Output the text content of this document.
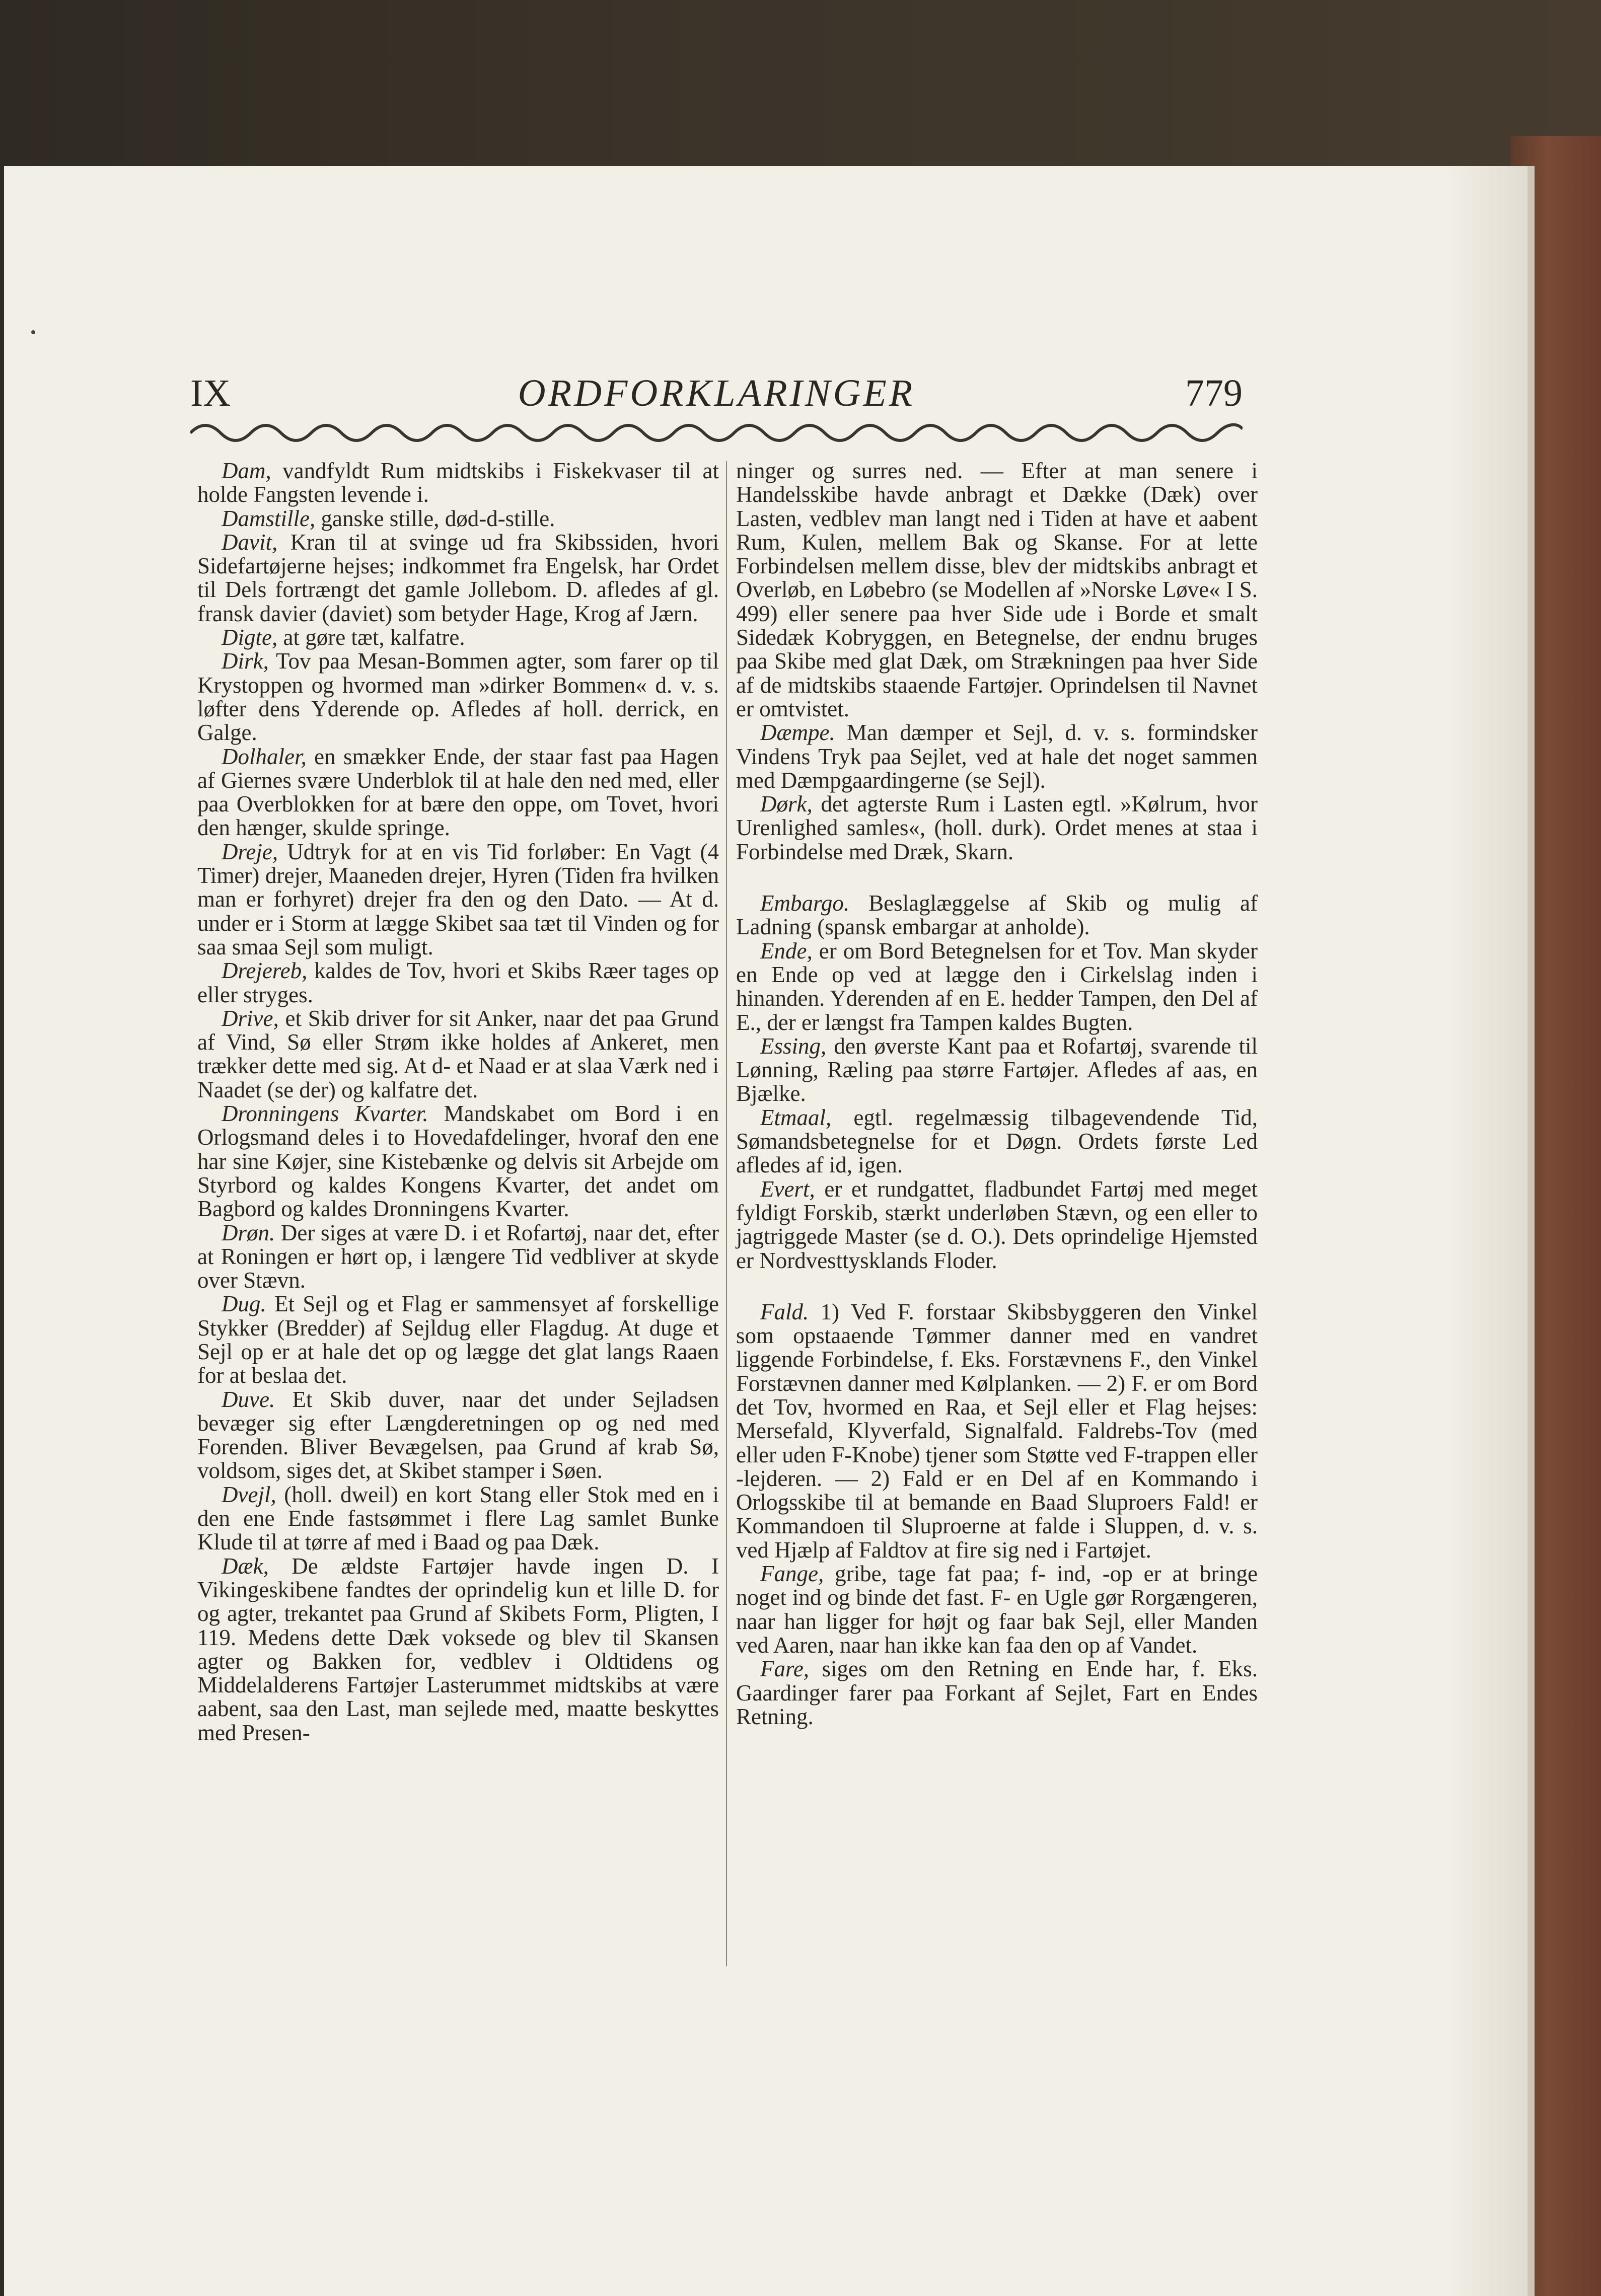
IX	ORDFORKLARINGER	779

Dam, vandfyldt Rum midtskibs i Fiskekvaser til at holde Fangsten levende i.

Damstille, ganske stille, død-d-stille.

Davit, Kran til at svinge ud fra Skibssiden, hvori Sidefartøjerne hejses; indkommet fra Engelsk, har Ordet til Dels fortrængt det gamle Jollebom. D. afledes af gl. fransk davier (daviet) som betyder Hage, Krog af Jærn.

Digte, at gøre tæt, kalfatre.

Dirk, Tov paa Mesan-Bommen agter, som farer op til Krystoppen og hvormed man »dirker Bommen« d. v. s. løfter dens Yderende op. Afledes af holl. derrick, en Galge.

Dolhaler, en smækker Ende, der staar fast paa Hagen af Giernes svære Underblok til at hale den ned med, eller paa Overblokken for at bære den oppe, om Tovet, hvori den hænger, skulde springe.

Dreje, Udtryk for at en vis Tid forløber: En Vagt (4 Timer) drejer, Maaneden drejer, Hyren (Tiden fra hvilken man er forhyret) drejer fra den og den Dato. — At d. under er i Storm at lægge Skibet saa tæt til Vinden og for saa smaa Sejl som muligt.

Drejereb, kaldes de Tov, hvori et Skibs Ræer tages op eller stryges.

Drive, et Skib driver for sit Anker, naar det paa Grund af Vind, Sø eller Strøm ikke holdes af Ankeret, men trækker dette med sig. At d- et Naad er at slaa Værk ned i Naadet (se der) og kalfatre det.

Dronningens Kvarter. Mandskabet om Bord i en Orlogsmand deles i to Hovedafdelinger, hvoraf den ene har sine Køjer, sine Kistebænke og delvis sit Arbejde om Styrbord og kaldes Kongens Kvarter, det andet om Bagbord og kaldes Dronningens Kvarter.

Drøn. Der siges at være D. i et Rofartøj, naar det, efter at Roningen er hørt op, i længere Tid vedbliver at skyde over Stævn.

Dug. Et Sejl og et Flag er sammensyet af forskellige Stykker (Bredder) af Sejldug eller Flagdug. At duge et Sejl op er at hale det op og lægge det glat langs Raaen for at beslaa det.

Duve. Et Skib duver, naar det under Sejladsen bevæger sig efter Længderetningen op og ned med Forenden. Bliver Bevægelsen, paa Grund af krab Sø, voldsom, siges det, at Skibet stamper i Søen.

Dvejl, (holl. dweil) en kort Stang eller Stok med en i den ene Ende fastsømmet i flere Lag samlet Bunke Klude til at tørre af med i Baad og paa Dæk.

Dæk, De ældste Fartøjer havde ingen D. I Vikingeskibene fandtes der oprindelig kun et lille D. for og agter, trekantet paa Grund af Skibets Form, Pligten, I 119. Medens dette Dæk voksede og blev til Skansen agter og Bakken for, vedblev i Oldtidens og Middelalderens Fartøjer Lasterummet midtskibs at være aabent, saa den Last, man sejlede med, maatte beskyttes med Presen-

ninger og surres ned. — Efter at man senere i Handelsskibe havde anbragt et Dække (Dæk) over Lasten, vedblev man langt ned i Tiden at have et aabent Rum, Kulen, mellem Bak og Skanse. For at lette Forbindelsen mellem disse, blev der midtskibs anbragt et Overløb, en Løbebro (se Modellen af »Norske Løve« I S. 499) eller senere paa hver Side ude i Borde et smalt Sidedæk Kobryggen, en Betegnelse, der endnu bruges paa Skibe med glat Dæk, om Strækningen paa hver Side af de midtskibs staaende Fartøjer. Oprindelsen til Navnet er omtvistet.

Dæmpe. Man dæmper et Sejl, d. v. s. formindsker Vindens Tryk paa Sejlet, ved at hale det noget sammen med Dæmpgaardingerne (se Sejl).

Dørk, det agterste Rum i Lasten egtl. »Kølrum, hvor Urenlighed samles«, (holl. durk). Ordet menes at staa i Forbindelse med Dræk, Skarn.

Embargo. Beslaglæggelse af Skib og mulig af Ladning (spansk embargar at anholde).

Ende, er om Bord Betegnelsen for et Tov. Man skyder en Ende op ved at lægge den i Cirkelslag inden i hinanden. Yderenden af en E. hedder Tampen, den Del af E., der er længst fra Tampen kaldes Bugten.

Essing, den øverste Kant paa et Rofartøj, svarende til Lønning, Ræling paa større Fartøjer. Afledes af aas, en Bjælke.

Etmaal, egtl. regelmæssig tilbagevendende Tid, Sømandsbetegnelse for et Døgn. Ordets første Led afledes af id, igen.

Evert, er et rundgattet, fladbundet Fartøj med meget fyldigt Forskib, stærkt underløben Stævn, og een eller to jagtriggede Master (se d. O.). Dets oprindelige Hjemsted er Nordvesttysklands Floder.

Fald. 1) Ved F. forstaar Skibsbyggeren den Vinkel som opstaaende Tømmer danner med en vandret liggende Forbindelse, f. Eks. Forstævnens F., den Vinkel Forstævnen danner med Kølplanken. — 2) F. er om Bord det Tov, hvormed en Raa, et Sejl eller et Flag hejses: Mersefald, Klyverfald, Signalfald. Faldrebs-Tov (med eller uden F-Knobe) tjener som Støtte ved F-trappen eller -lejderen. — 2) Fald er en Del af en Kommando i Orlogsskibe til at bemande en Baad Sluproers Fald! er Kommandoen til Sluproerne at falde i Sluppen, d. v. s. ved Hjælp af Faldtov at fire sig ned i Fartøjet.

Fange, gribe, tage fat paa; f- ind, -op er at bringe noget ind og binde det fast. F- en Ugle gør Rorgængeren, naar han ligger for højt og faar bak Sejl, eller Manden ved Aaren, naar han ikke kan faa den op af Vandet.

Fare, siges om den Retning en Ende har, f. Eks. Gaardinger farer paa Forkant af Sejlet, Fart en Endes Retning.
